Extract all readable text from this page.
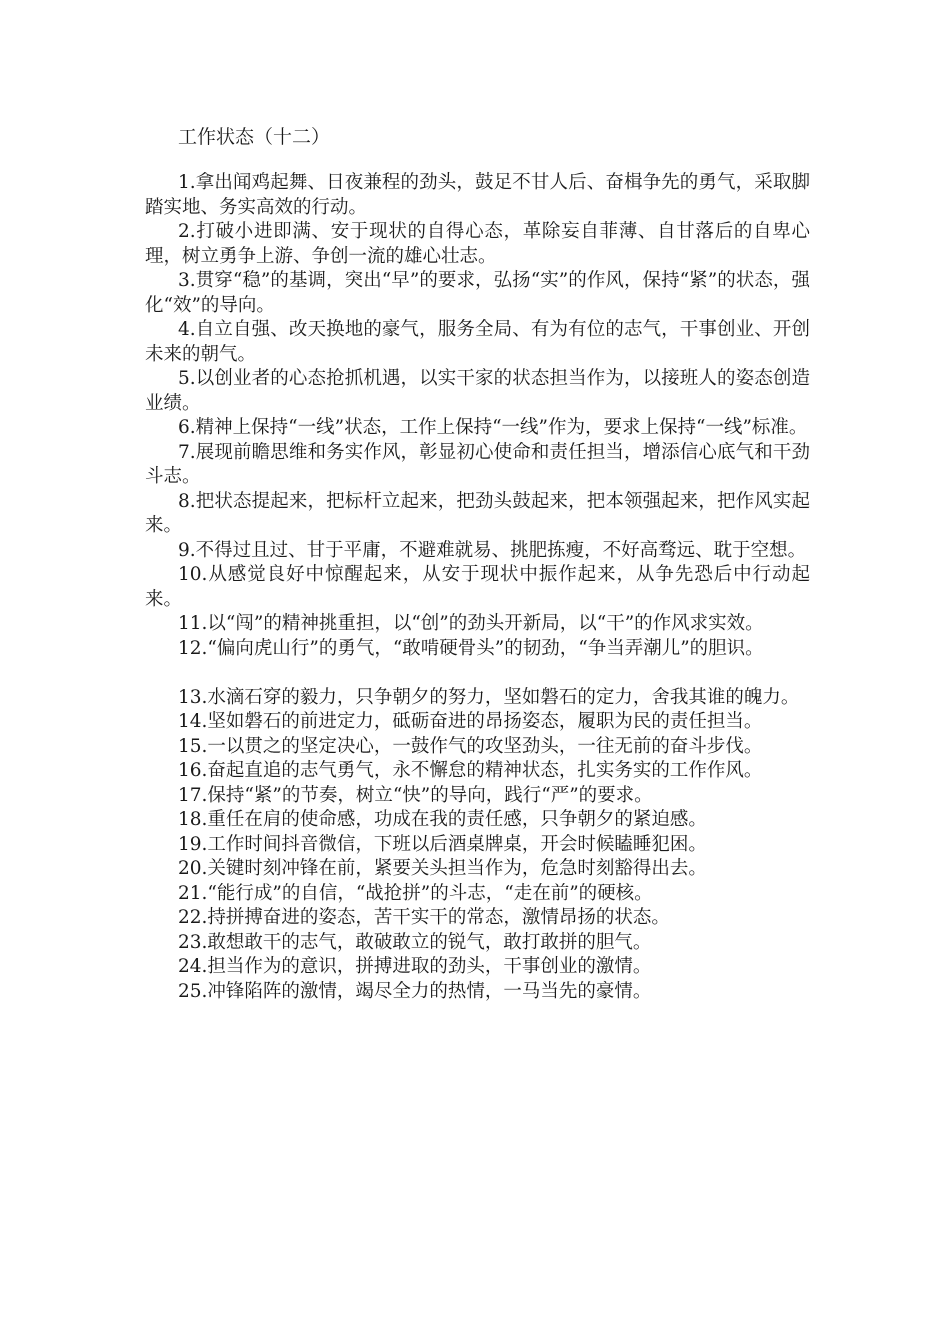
工作状态（十二）

1.拿出闻鸡起舞、日夜兼程的劲头，鼓足不甘人后、奋楫争先的勇气，采取脚踏实地、务实高效的行动。

2.打破小进即满、安于现状的自得心态，革除妄自菲薄、自甘落后的自卑心理，树立勇争上游、争创一流的雄心壮志。

3.贯穿“稳”的基调，突出“早”的要求，弘扬“实”的作风，保持“紧”的状态，强化“效”的导向。

4.自立自强、改天换地的豪气，服务全局、有为有位的志气，干事创业、开创未来的朝气。

5.以创业者的心态抢抓机遇，以实干家的状态担当作为，以接班人的姿态创造业绩。

6.精神上保持“一线”状态，工作上保持“一线”作为，要求上保持“一线”标准。

7.展现前瞻思维和务实作风，彰显初心使命和责任担当，增添信心底气和干劲斗志。

8.把状态提起来，把标杆立起来，把劲头鼓起来，把本领强起来，把作风实起来。

9.不得过且过、甘于平庸，不避难就易、挑肥拣瘦，不好高骛远、耽于空想。

10.从感觉良好中惊醒起来，从安于现状中振作起来，从争先恐后中行动起来。

11.以“闯”的精神挑重担，以“创”的劲头开新局，以“干”的作风求实效。

12.“偏向虎山行”的勇气，“敢啃硬骨头”的韧劲，“争当弄潮儿”的胆识。

13.水滴石穿的毅力，只争朝夕的努力，坚如磐石的定力，舍我其谁的魄力。

14.坚如磐石的前进定力，砥砺奋进的昂扬姿态，履职为民的责任担当。

15.一以贯之的坚定决心，一鼓作气的攻坚劲头，一往无前的奋斗步伐。

16.奋起直追的志气勇气，永不懈怠的精神状态，扎实务实的工作作风。

17.保持“紧”的节奏，树立“快”的导向，践行“严”的要求。

18.重任在肩的使命感，功成在我的责任感，只争朝夕的紧迫感。

19.工作时间抖音微信，下班以后酒桌牌桌，开会时候瞌睡犯困。

20.关键时刻冲锋在前，紧要关头担当作为，危急时刻豁得出去。

21.“能行成”的自信，“战抢拼”的斗志，“走在前”的硬核。

22.持拼搏奋进的姿态，苦干实干的常态，激情昂扬的状态。

23.敢想敢干的志气，敢破敢立的锐气，敢打敢拼的胆气。

24.担当作为的意识，拼搏进取的劲头，干事创业的激情。

25.冲锋陷阵的激情，竭尽全力的热情，一马当先的豪情。
